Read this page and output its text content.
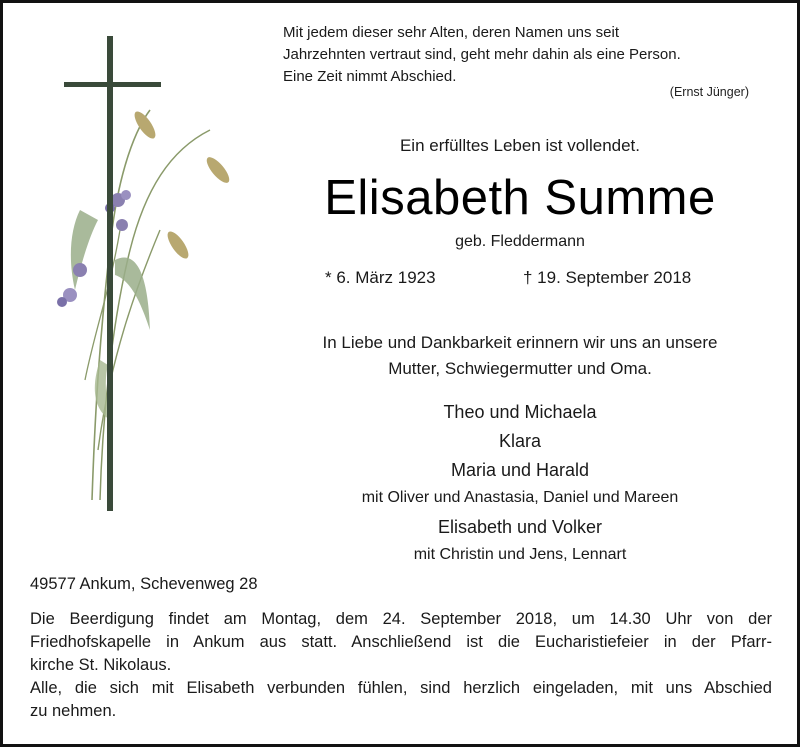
Mit jedem dieser sehr Alten, deren Namen uns seit
Jahrzehnten vertraut sind, geht mehr dahin als eine Person.
Eine Zeit nimmt Abschied.
(Ernst Jünger)
Ein erfülltes Leben ist vollendet.
Elisabeth Summe
geb. Fleddermann
* 6. März 1923	† 19. September 2018
In Liebe und Dankbarkeit erinnern wir uns an unsere
Mutter, Schwiegermutter und Oma.
Theo und Michaela
Klara
Maria und Harald
mit Oliver und Anastasia, Daniel und Mareen
Elisabeth und Volker
mit Christin und Jens, Lennart
49577 Ankum, Schevenweg 28
Die Beerdigung findet am Montag, dem 24. September 2018, um 14.30 Uhr von der
Friedhofskapelle in Ankum aus statt. Anschließend ist die Eucharistiefeier in der Pfarr-
kirche St. Nikolaus.
Alle, die sich mit Elisabeth verbunden fühlen, sind herzlich eingeladen, mit uns Abschied
zu nehmen.
